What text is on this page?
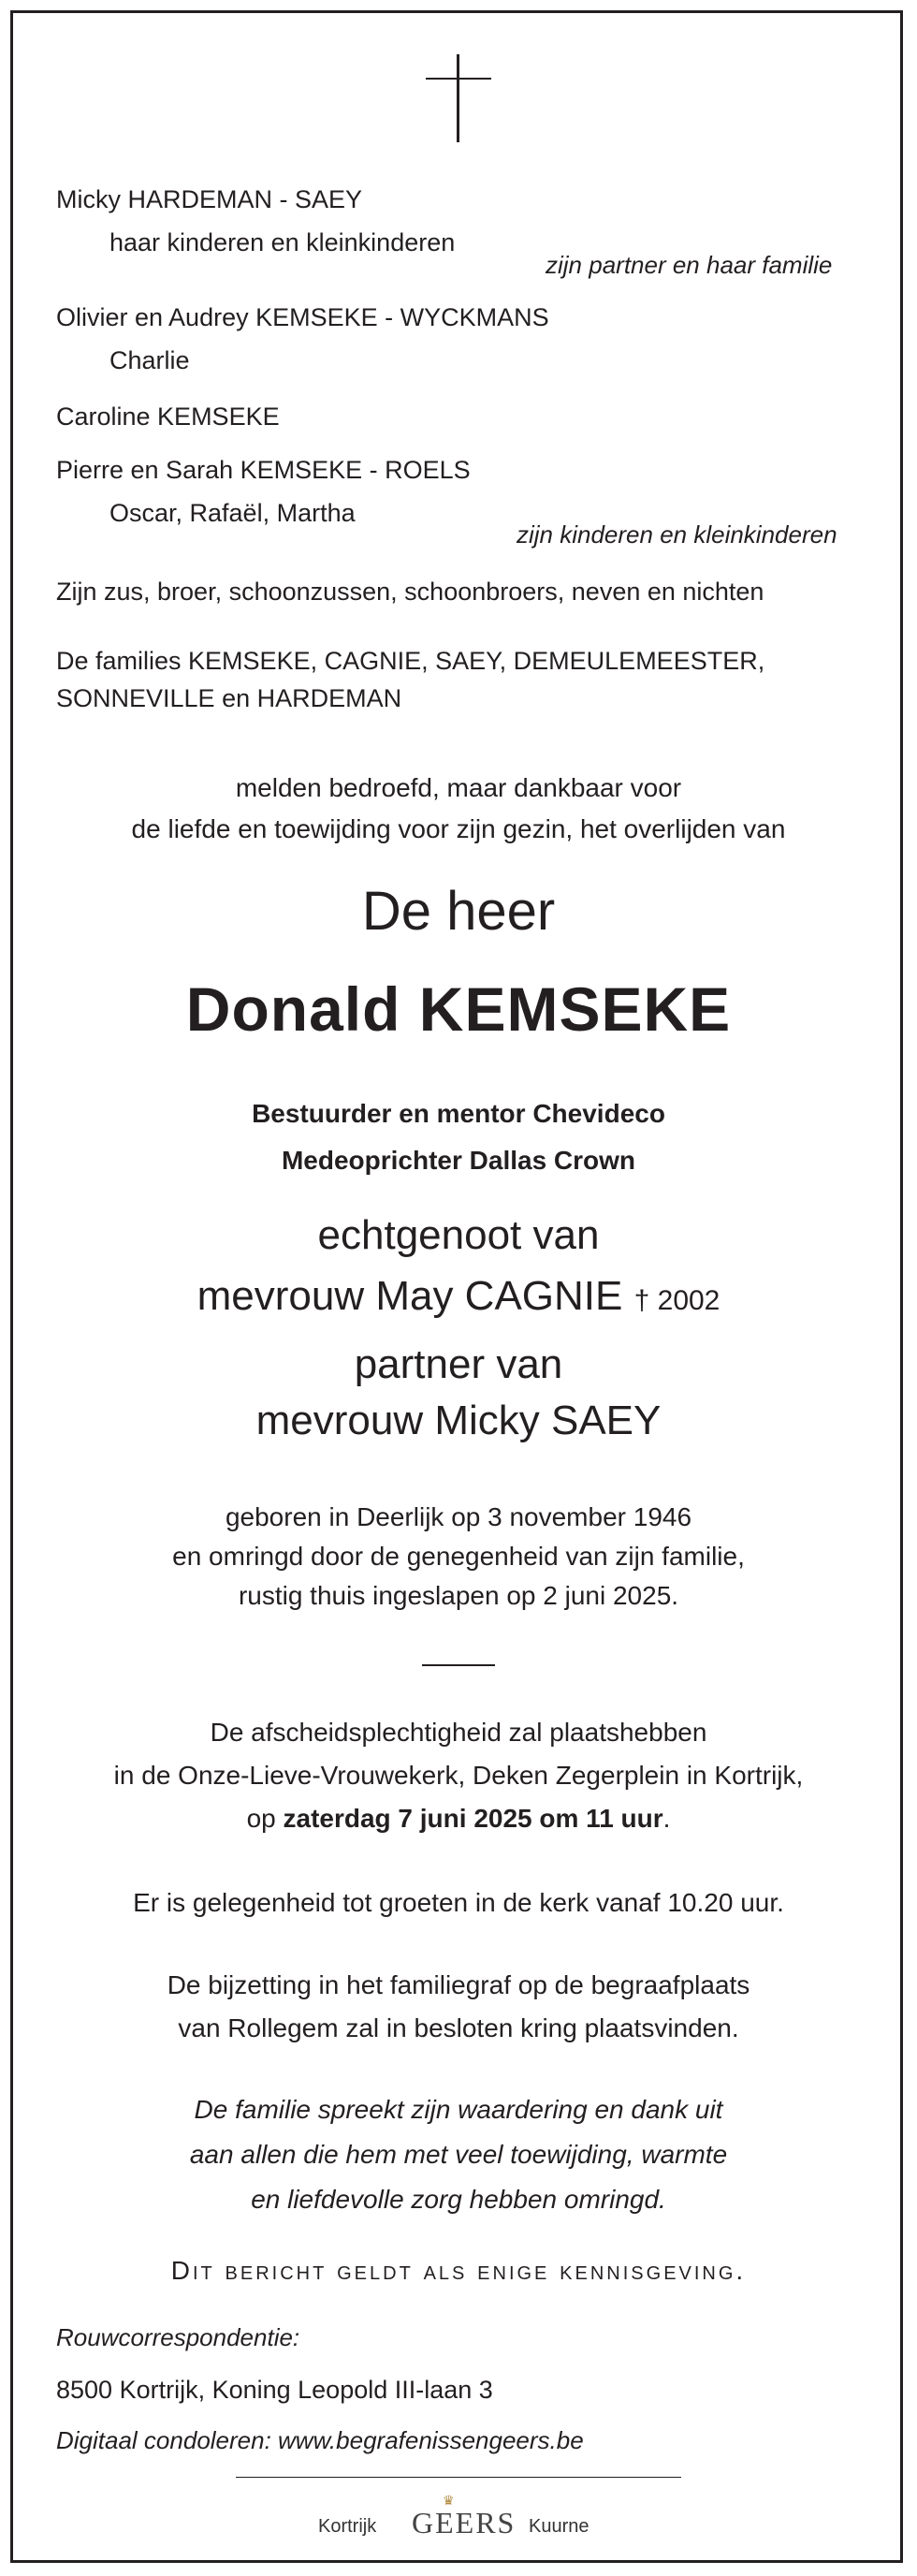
Micky HARDEMAN - SAEY
haar kinderen en kleinkinderen
zijn partner en haar familie
Olivier en Audrey KEMSEKE - WYCKMANS
Charlie
Caroline KEMSEKE
Pierre en Sarah KEMSEKE - ROELS
Oscar, Rafaël, Martha
zijn kinderen en kleinkinderen
Zijn zus, broer, schoonzussen, schoonbroers, neven en nichten
De families KEMSEKE, CAGNIE, SAEY, DEMEULEMEESTER,
SONNEVILLE en HARDEMAN
melden bedroefd, maar dankbaar voor
de liefde en toewijding voor zijn gezin, het overlijden van
De heer
Donald KEMSEKE
Bestuurder en mentor Chevideco
Medeoprichter Dallas Crown
echtgenoot van
mevrouw May CAGNIE † 2002
partner van
mevrouw Micky SAEY
geboren in Deerlijk op 3 november 1946
en omringd door de genegenheid van zijn familie,
rustig thuis ingeslapen op 2 juni 2025.
De afscheidsplechtigheid zal plaatshebben
in de Onze-Lieve-Vrouwekerk, Deken Zegerplein in Kortrijk,
op zaterdag 7 juni 2025 om 11 uur.
Er is gelegenheid tot groeten in de kerk vanaf 10.20 uur.
De bijzetting in het familiegraf op de begraafplaats
van Rollegem zal in besloten kring plaatsvinden.
De familie spreekt zijn waardering en dank uit
aan allen die hem met veel toewijding, warmte
en liefdevolle zorg hebben omringd.
Dit bericht geldt als enige kennisgeving.
Rouwcorrespondentie:
8500 Kortrijk, Koning Leopold III-laan 3
Digitaal condoleren: www.begrafenissengeers.be
Kortrijk GEERS
♛
Kuurne
